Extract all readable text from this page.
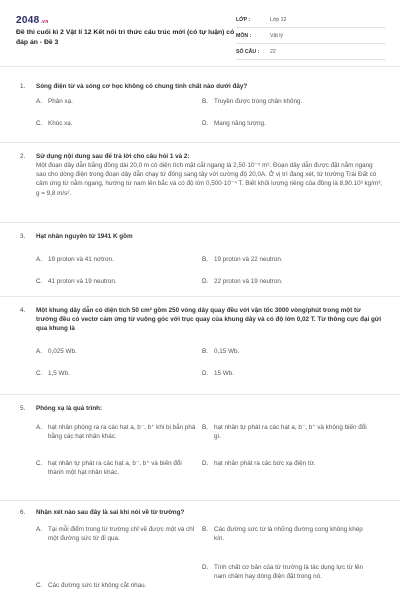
2048.vn
Đề thi cuối kì 2 Vật lí 12 Kết nối tri thức cấu trúc mới (có tự luận) có đáp án - Đề 3
LỚP :	Lớp 12
MÔN :	Vật lý
SỐ CÂU :	22
1.	Sóng điện từ và sóng cơ học không có chung tính chất nào dưới đây?
A. Phản xạ.	B. Truyền được trong chân không.
C. Khúc xạ.	D. Mang năng lượng.
2.	Sử dụng nội dung sau để trả lời cho câu hỏi 1 và 2:
Một đoạn dây dẫn bằng đồng dài 20,0 m có diện tích mặt cắt ngang là 2,50·10⁻⁵ m². Đoạn dây dẫn được đặt nằm ngang sao cho dòng điện trong đoạn dây dẫn chạy từ đông sang tây với cường độ 20,0A. Ở vị trí đang xét, từ trường Trái Đất có cảm ứng từ nằm ngang, hướng từ nam lên bắc và có độ lớn 0,500·10⁻⁴ T. Biết khối lượng riêng của đồng là 8,90.10³ kg/m³; g = 9,8 m/s².
3.	Hạt nhân nguyên tử 1941 K gồm
A. 19 proton và 41 nơtron.	B. 19 proton và 22 neutron.
C. 41 proton và 19 neutron.	D. 22 proton và 19 neutron.
4.	Một khung dây dẫn có diện tích 50 cm² gồm 250 vòng dây quay đều với vận tốc 3000 vòng/phút trong một từ trường đều có vectơ cảm ứng từ vuông góc với trục quay của khung dây và có độ lớn 0,02 T. Từ thông cực đại gửi qua khung là
A. 0,025 Wb.	B. 0,15 Wb.
C. 1,5 Wb.	D. 15 Wb.
5.	Phóng xạ là quá trình:
A. hạt nhân phóng ra ra các hạt a, b⁻, b⁺ khi bị bắn phá bằng các hạt nhân khác.
B. hạt nhân tự phát ra các hạt a, b⁻, b⁺ và không biến đổi gì.
C. hạt nhân tự phát ra các hạt a, b⁻, b⁺ và biến đổi thành một hạt nhân khác.
D. hạt nhân phát ra các bức xạ điện từ.
6.	Nhận xét nào sau đây là sai khi nói về từ trường?
A. Tại mỗi điểm trong từ trường chỉ vẽ được một và chỉ một đường sức từ đi qua.
B. Các đường sức từ là những đường cong không khép kín.
C. Các đường sức từ không cắt nhau.
D. Tính chất cơ bản của từ trường là tác dụng lực từ lên nam châm hay dòng điện đặt trong nó.
